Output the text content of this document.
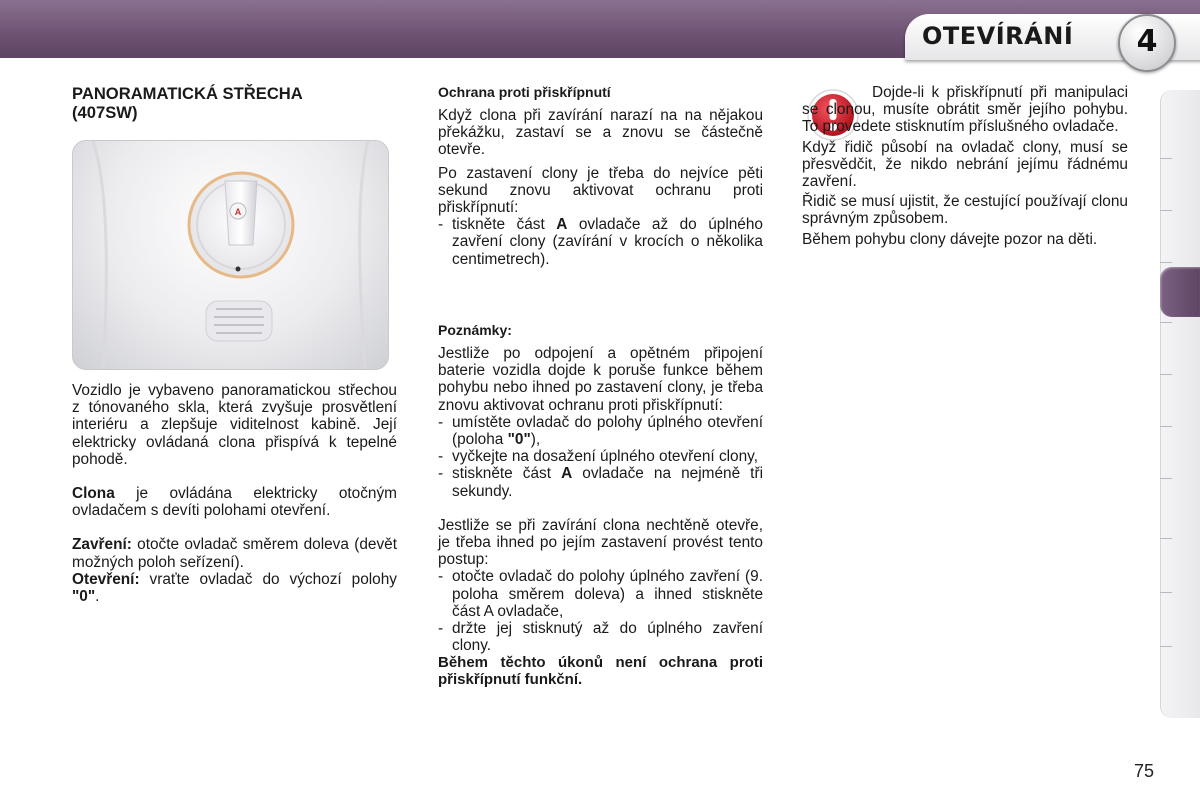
OTEVÍRÁNÍ	4
PANORAMATICKÁ STŘECHA
(407SW)
A

Vozidlo je vybaveno panoramatickou střechou z tónovaného skla, která zvyšuje prosvětlení interiéru a zlepšuje viditelnost kabině. Její elektricky ovládaná clona přispívá k tepelné pohodě.

Clona je ovládána elektricky otočným ovladačem s devíti polohami otevření.

Zavření: otočte ovladač směrem doleva (devět možných poloh seřízení).

Otevření: vraťte ovladač do výchozí polohy "0".

Ochrana proti přiskřípnutí

Když clona při zavírání narazí na na nějakou překážku, zastaví se a znovu se částečně otevře.

Po zastavení clony je třeba do nejvíce pěti sekund znovu aktivovat ochranu proti přiskřípnutí:

- tiskněte část A ovladače až do úplného zavření clony (zavírání v krocích o několika centimetrech).

Poznámky:

Jestliže po odpojení a opětném připojení baterie vozidla dojde k poruše funkce během pohybu nebo ihned po zastavení clony, je třeba znovu aktivovat ochranu proti přiskřípnutí:

- umístěte ovladač do polohy úplného otevření (poloha "0"),

- vyčkejte na dosažení úplného otevření clony,

- stiskněte část A ovladače na nejméně tři sekundy.

Jestliže se při zavírání clona nechtěně otevře, je třeba ihned po jejím zastavení provést tento postup:

- otočte ovladač do polohy úplného zavření (9. poloha směrem doleva) a ihned stiskněte část A ovladače,

- držte jej stisknutý až do úplného zavření clony.

Během těchto úkonů není ochrana proti přiskřípnutí funkční.

Dojde-li k přiskřípnutí při manipulaci se clonou, musíte obrátit směr jejího pohybu. To provedete stisknutím příslušného ovladače.

Když řidič působí na ovladač clony, musí se přesvědčit, že nikdo nebrání jejímu řádnému zavření.

Řidič se musí ujistit, že cestující používají clonu správným způsobem.

Během pohybu clony dávejte pozor na děti.

75
